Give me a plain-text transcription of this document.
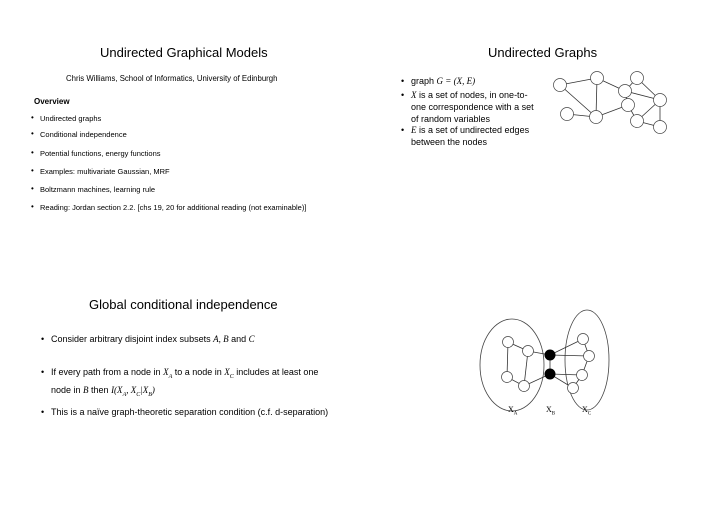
Undirected Graphical Models
Chris Williams, School of Informatics, University of Edinburgh
Overview
• Undirected graphs
• Conditional independence
• Potential functions, energy functions
• Examples: multivariate Gaussian, MRF
• Boltzmann machines, learning rule
• Reading: Jordan section 2.2. [chs 19, 20 for additional reading (not examinable)]
Undirected Graphs
• graph G = (X, E)
• X is a set of nodes, in one-to-
one correspondence with a set
of random variables
• E is a set of undirected edges
between the nodes
Global conditional independence
• Consider arbitrary disjoint index subsets A, B and C
• If every path from a node in $X_A$ to a node in $X_C$ includes at least one
node in B then $I(X_A$, $X_C|X_B$)
• This is a naïve graph-theoretic separation condition (c.f. d-separation)	$X_A$
$X_B$
$X_C$
